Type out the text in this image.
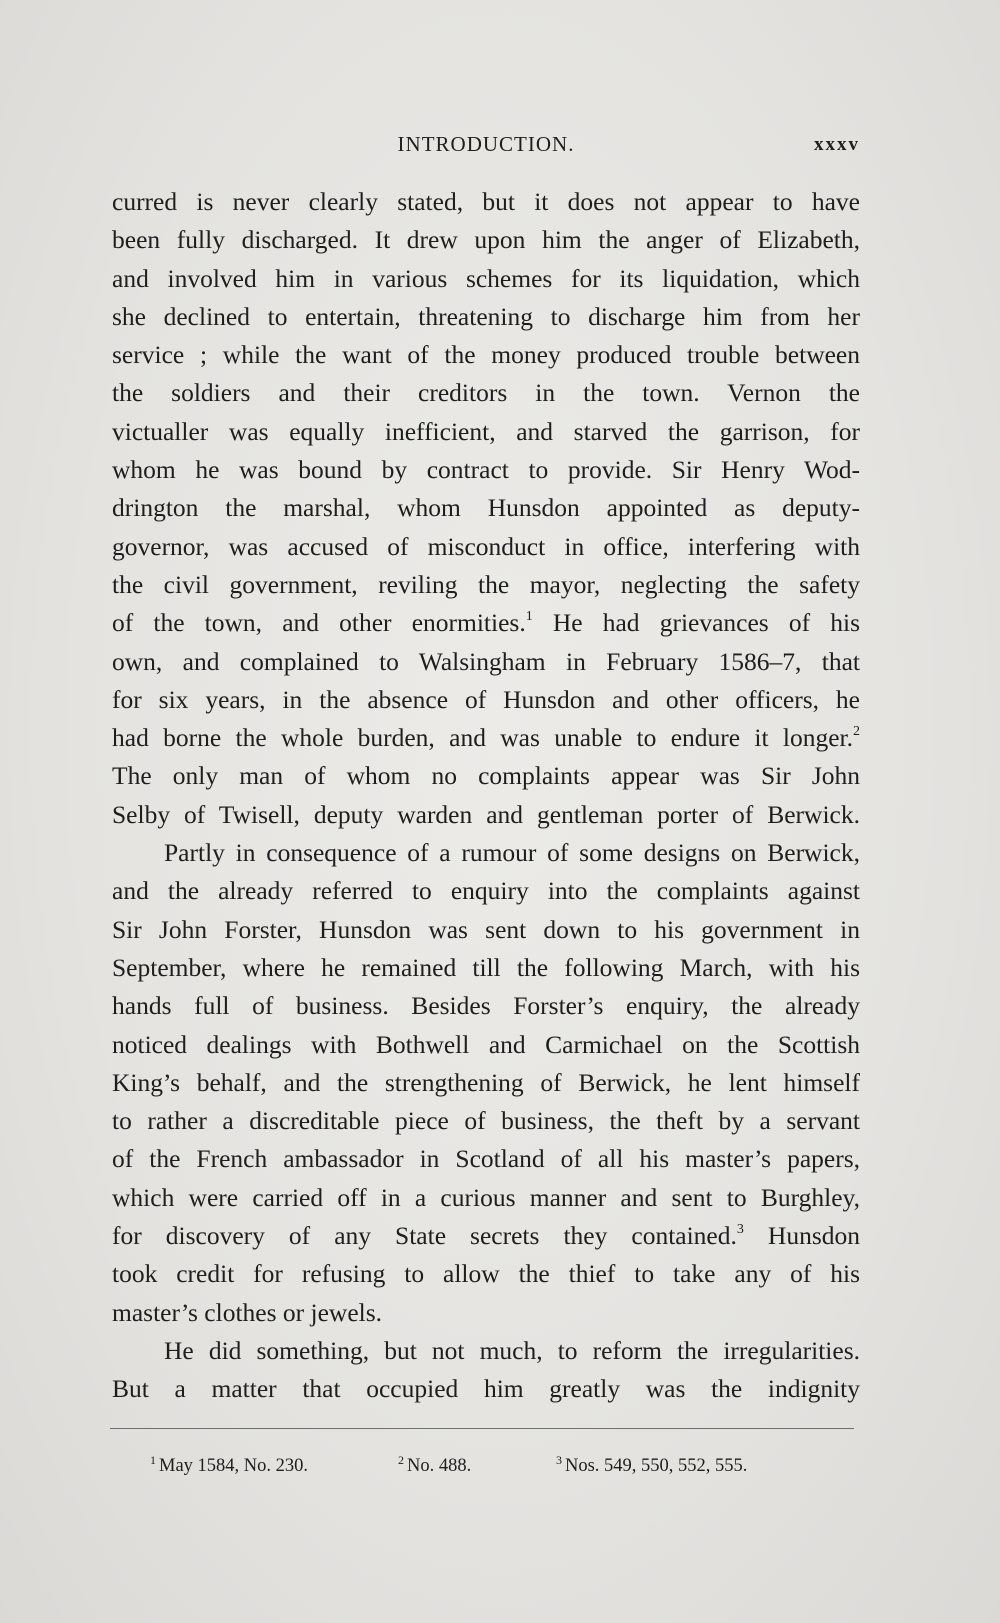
INTRODUCTION.	xxxv
curred is never clearly stated, but it does not appear to have
been fully discharged. It drew upon him the anger of Elizabeth,
and involved him in various schemes for its liquidation, which
she declined to entertain, threatening to discharge him from her
service ; while the want of the money produced trouble between
the soldiers and their creditors in the town. Vernon the
victualler was equally inefficient, and starved the garrison, for
whom he was bound by contract to provide. Sir Henry Wod-
drington the marshal, whom Hunsdon appointed as deputy-
governor, was accused of misconduct in office, interfering with
the civil government, reviling the mayor, neglecting the safety
of the town, and other enormities.$^1$ He had grievances of his
own, and complained to Walsingham in February 1586–7, that
for six years, in the absence of Hunsdon and other officers, he
had borne the whole burden, and was unable to endure it longer.$^2$
The only man of whom no complaints appear was Sir John
Selby of Twisell, deputy warden and gentleman porter of Berwick.
Partly in consequence of a rumour of some designs on Berwick,
and the already referred to enquiry into the complaints against
Sir John Forster, Hunsdon was sent down to his government in
September, where he remained till the following March, with his
hands full of business. Besides Forster’s enquiry, the already
noticed dealings with Bothwell and Carmichael on the Scottish
King’s behalf, and the strengthening of Berwick, he lent himself
to rather a discreditable piece of business, the theft by a servant
of the French ambassador in Scotland of all his master’s papers,
which were carried off in a curious manner and sent to Burghley,
for discovery of any State secrets they contained.$^3$ Hunsdon
took credit for refusing to allow the thief to take any of his
master’s clothes or jewels.
He did something, but not much, to reform the irregularities.
But a matter that occupied him greatly was the indignity
$^1$ May 1584, No. 230.	$^2$ No. 488.	$^3$ Nos. 549, 550, 552, 555.
